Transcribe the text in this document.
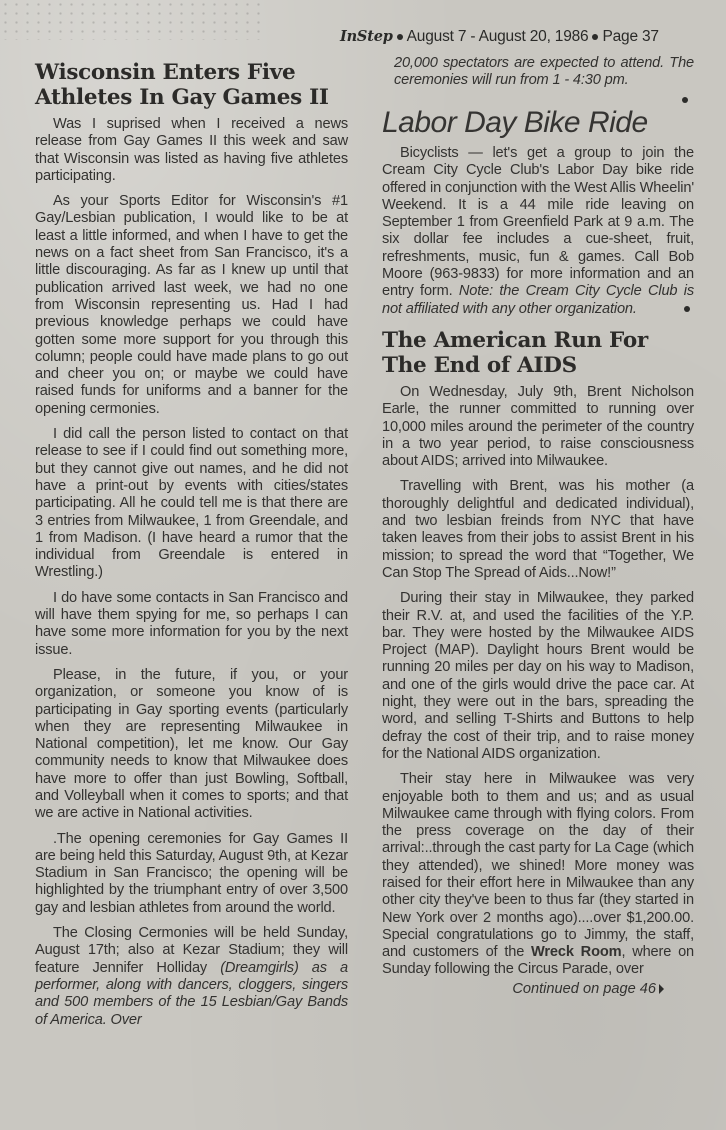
InStep August 7 - August 20, 1986 Page 37
Wisconsin Enters Five Athletes In Gay Games II

Was I suprised when I received a news release from Gay Games II this week and saw that Wisconsin was listed as having five athletes participating.

As your Sports Editor for Wisconsin's #1 Gay/Lesbian publication, I would like to be at least a little informed, and when I have to get the news on a fact sheet from San Francisco, it's a little discouraging. As far as I knew up until that publication arrived last week, we had no one from Wisconsin representing us. Had I had previous knowledge perhaps we could have gotten some more support for you through this column; people could have made plans to go out and cheer you on; or maybe we could have raised funds for uniforms and a banner for the opening cermonies.

I did call the person listed to contact on that release to see if I could find out something more, but they cannot give out names, and he did not have a print-out by events with cities/states participating. All he could tell me is that there are 3 entries from Milwaukee, 1 from Greendale, and 1 from Madison. (I have heard a rumor that the individual from Greendale is entered in Wrestling.)

I do have some contacts in San Francisco and will have them spying for me, so perhaps I can have some more information for you by the next issue.

Please, in the future, if you, or your organization, or someone you know of is participating in Gay sporting events (particularly when they are representing Milwaukee in National competition), let me know. Our Gay community needs to know that Milwaukee does have more to offer than just Bowling, Softball, and Volleyball when it comes to sports; and that we are active in National activities.

.The opening ceremonies for Gay Games II are being held this Saturday, August 9th, at Kezar Stadium in San Francisco; the opening will be highlighted by the triumphant entry of over 3,500 gay and lesbian athletes from around the world.

The Closing Cermonies will be held Sunday, August 17th; also at Kezar Stadium; they will feature Jennifer Holliday (Dreamgirls) as a performer, along with dancers, cloggers, singers and 500 members of the 15 Lesbian/Gay Bands of America. Over

20,000 spectators are expected to attend. The ceremonies will run from 1 - 4:30 pm.

Labor Day Bike Ride

Bicyclists — let's get a group to join the Cream City Cycle Club's Labor Day bike ride offered in conjunction with the West Allis Wheelin' Weekend. It is a 44 mile ride leaving on September 1 from Greenfield Park at 9 a.m. The six dollar fee includes a cue-sheet, fruit, refreshments, music, fun & games. Call Bob Moore (963-9833) for more information and an entry form. Note: the Cream City Cycle Club is not affiliated with any other organization.

The American Run For The End of AIDS

On Wednesday, July 9th, Brent Nicholson Earle, the runner committed to running over 10,000 miles around the perimeter of the country in a two year period, to raise consciousness about AIDS; arrived into Milwaukee.

Travelling with Brent, was his mother (a thoroughly delightful and dedicated individual), and two lesbian freinds from NYC that have taken leaves from their jobs to assist Brent in his mission; to spread the word that “Together, We Can Stop The Spread of Aids...Now!”

During their stay in Milwaukee, they parked their R.V. at, and used the facilities of the Y.P. bar. They were hosted by the Milwaukee AIDS Project (MAP). Daylight hours Brent would be running 20 miles per day on his way to Madison, and one of the girls would drive the pace car. At night, they were out in the bars, spreading the word, and selling T-Shirts and Buttons to help defray the cost of their trip, and to raise money for the National AIDS organization.

Their stay here in Milwaukee was very enjoyable both to them and us; and as usual Milwaukee came through with flying colors. From the press coverage on the day of their arrival:..through the cast party for La Cage (which they attended), we shined! More money was raised for their effort here in Milwaukee than any other city they've been to thus far (they started in New York over 2 months ago)....over $1,200.00. Special congratulations go to Jimmy, the staff, and customers of the Wreck Room, where on Sunday following the Circus Parade, over

Continued on page 46
